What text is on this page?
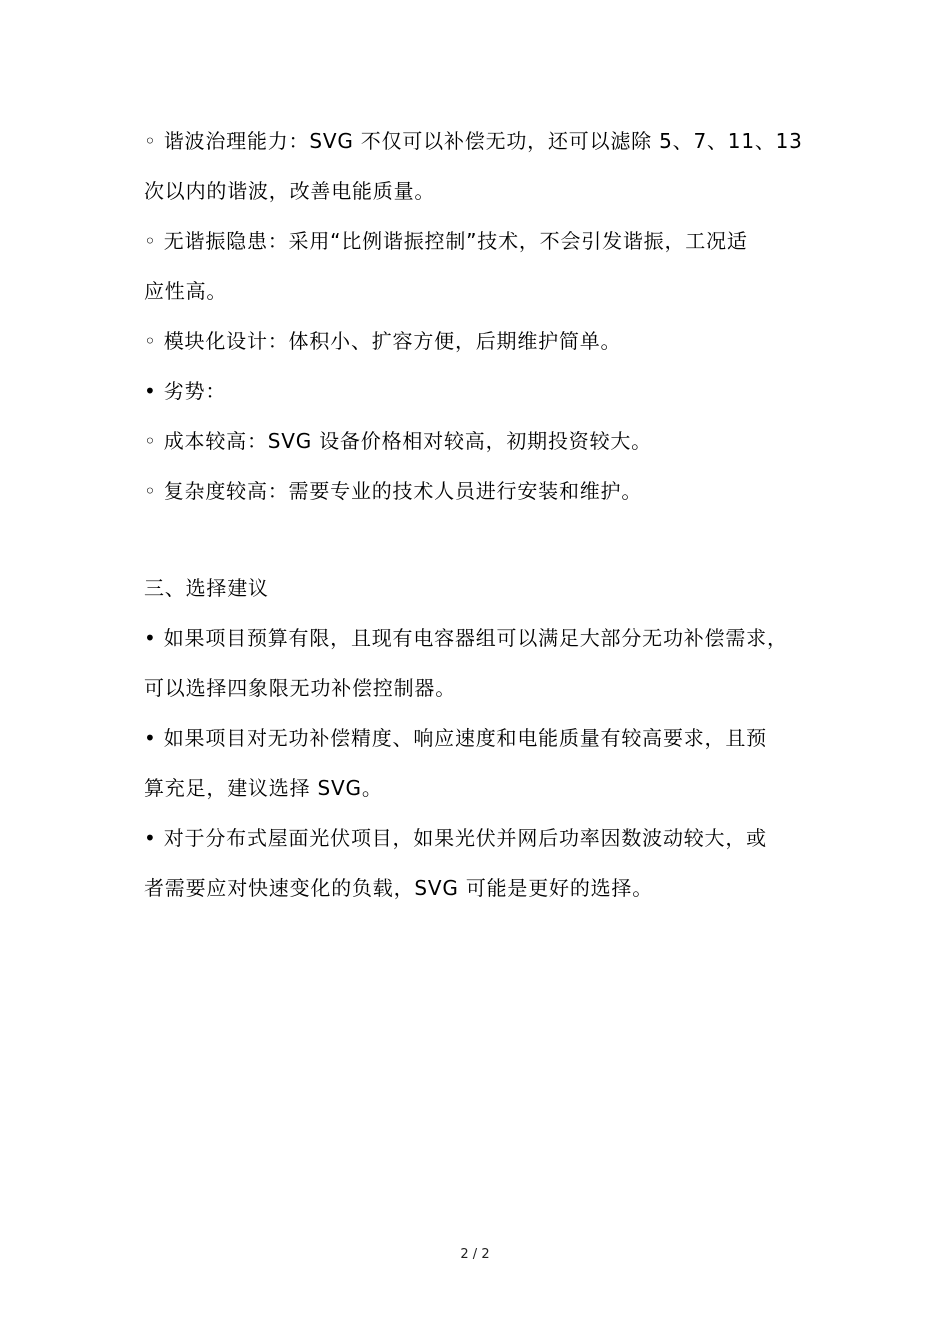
◦ 谐波治理能力：SVG 不仅可以补偿无功，还可以滤除 5、7、11、13
次以内的谐波，改善电能质量。
◦ 无谐振隐患：采用“比例谐振控制”技术，不会引发谐振，工况适
应性高。
◦ 模块化设计：体积小、扩容方便，后期维护简单。
• 劣势：
◦ 成本较高：SVG 设备价格相对较高，初期投资较大。
◦ 复杂度较高：需要专业的技术人员进行安装和维护。
三、选择建议
• 如果项目预算有限，且现有电容器组可以满足大部分无功补偿需求，
可以选择四象限无功补偿控制器。
• 如果项目对无功补偿精度、响应速度和电能质量有较高要求，且预
算充足，建议选择 SVG。
• 对于分布式屋面光伏项目，如果光伏并网后功率因数波动较大，或
者需要应对快速变化的负载，SVG 可能是更好的选择。
2 / 2
